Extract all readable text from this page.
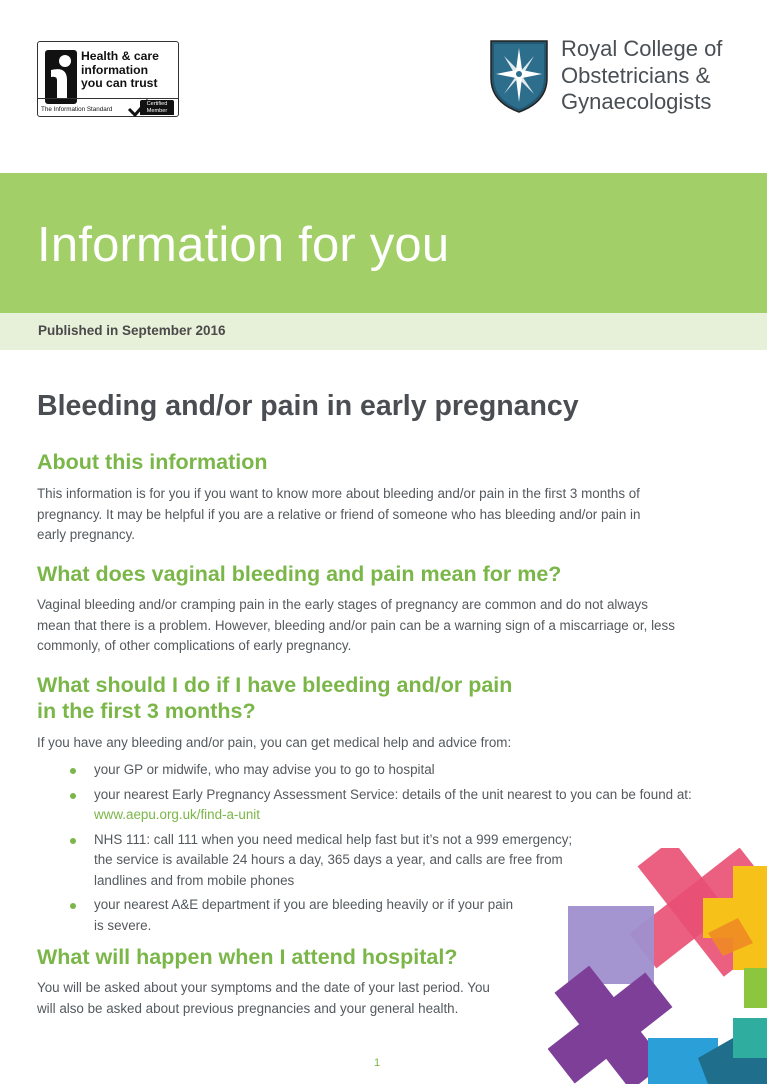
Health & care
information
you can trust
The Information Standard
Certified
Member
Royal College of
Obstetricians &
Gynaecologists
Information for you
Published in September 2016
Bleeding and/or pain in early pregnancy
About this information

This information is for you if you want to know more about bleeding and/or pain in the first 3 months of
pregnancy. It may be helpful if you are a relative or friend of someone who has bleeding and/or pain in
early pregnancy.

What does vaginal bleeding and pain mean for me?

Vaginal bleeding and/or cramping pain in the early stages of pregnancy are common and do not always
mean that there is a problem. However, bleeding and/or pain can be a warning sign of a miscarriage or, less
commonly, of other complications of early pregnancy.

What should I do if I have bleeding and/or pain
in the first 3 months?

If you have any bleeding and/or pain, you can get medical help and advice from:

your GP or midwife, who may advise you to go to hospital
your nearest Early Pregnancy Assessment Service: details of the unit nearest to you can be found at:
www.aepu.org.uk/find-a-unit
NHS 111: call 111 when you need medical help fast but it’s not a 999 emergency;
the service is available 24 hours a day, 365 days a year, and calls are free from
landlines and from mobile phones
your nearest A&E department if you are bleeding heavily or if your pain
is severe.
What will happen when I attend hospital?

You will be asked about your symptoms and the date of your last period. You
will also be asked about previous pregnancies and your general health.

1
